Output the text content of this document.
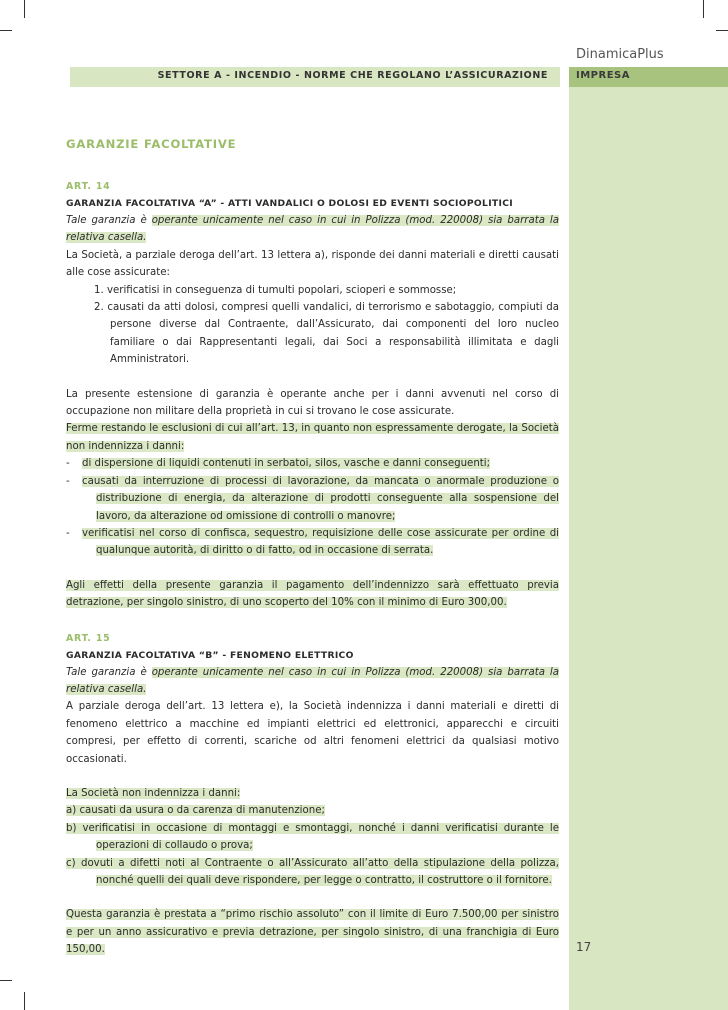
DinamicaPlus
SETTORE A - INCENDIO - NORME CHE REGOLANO L’ASSICURAZIONE	IMPRESA
17
GARANZIE FACOLTATIVE
ART. 14
GARANZIA FACOLTATIVA “A” - ATTI VANDALICI O DOLOSI ED EVENTI SOCIOPOLITICI

Tale garanzia è operante unicamente nel caso in cui in Polizza (mod. 220008) sia barrata la relativa casella.

La Società, a parziale deroga dell’art. 13 lettera a), risponde dei danni materiali e diretti causati alle cose assicurate:

1. verificatisi in conseguenza di tumulti popolari, scioperi e sommosse;
2. causati da atti dolosi, compresi quelli vandalici, di terrorismo e sabotaggio, compiuti da persone diverse dal Contraente, dall’Assicurato, dai componenti del loro nucleo familiare o dai Rappresentanti legali, dai Soci a responsabilità illimitata e dagli Amministratori.

La presente estensione di garanzia è operante anche per i danni avvenuti nel corso di occupazione non militare della proprietà in cui si trovano le cose assicurate.

Ferme restando le esclusioni di cui all’art. 13, in quanto non espressamente derogate, la Società non indennizza i danni:

- di dispersione di liquidi contenuti in serbatoi, silos, vasche e danni conseguenti;
- causati da interruzione di processi di lavorazione, da mancata o anormale produzione o distribuzione di energia, da alterazione di prodotti conseguente alla sospensione del lavoro, da alterazione od omissione di controlli o manovre;
- verificatisi nel corso di confisca, sequestro, requisizione delle cose assicurate per ordine di qualunque autorità, di diritto o di fatto, od in occasione di serrata.

Agli effetti della presente garanzia il pagamento dell’indennizzo sarà effettuato previa detrazione, per singolo sinistro, di uno scoperto del 10% con il minimo di Euro 300,00.

ART. 15
GARANZIA FACOLTATIVA “B” - FENOMENO ELETTRICO

Tale garanzia è operante unicamente nel caso in cui in Polizza (mod. 220008) sia barrata la relativa casella.

A parziale deroga dell’art. 13 lettera e), la Società indennizza i danni materiali e diretti di fenomeno elettrico a macchine ed impianti elettrici ed elettronici, apparecchi e circuiti compresi, per effetto di correnti, scariche od altri fenomeni elettrici da qualsiasi motivo occasionati.

La Società non indennizza i danni:

a) causati da usura o da carenza di manutenzione;
b) verificatisi in occasione di montaggi e smontaggi, nonché i danni verificatisi durante le operazioni di collaudo o prova;
c) dovuti a difetti noti al Contraente o all’Assicurato all’atto della stipulazione della polizza, nonché quelli dei quali deve rispondere, per legge o contratto, il costruttore o il fornitore.

Questa garanzia è prestata a “primo rischio assoluto” con il limite di Euro 7.500,00 per sinistro e per un anno assicurativo e previa detrazione, per singolo sinistro, di una franchigia di Euro 150,00.
